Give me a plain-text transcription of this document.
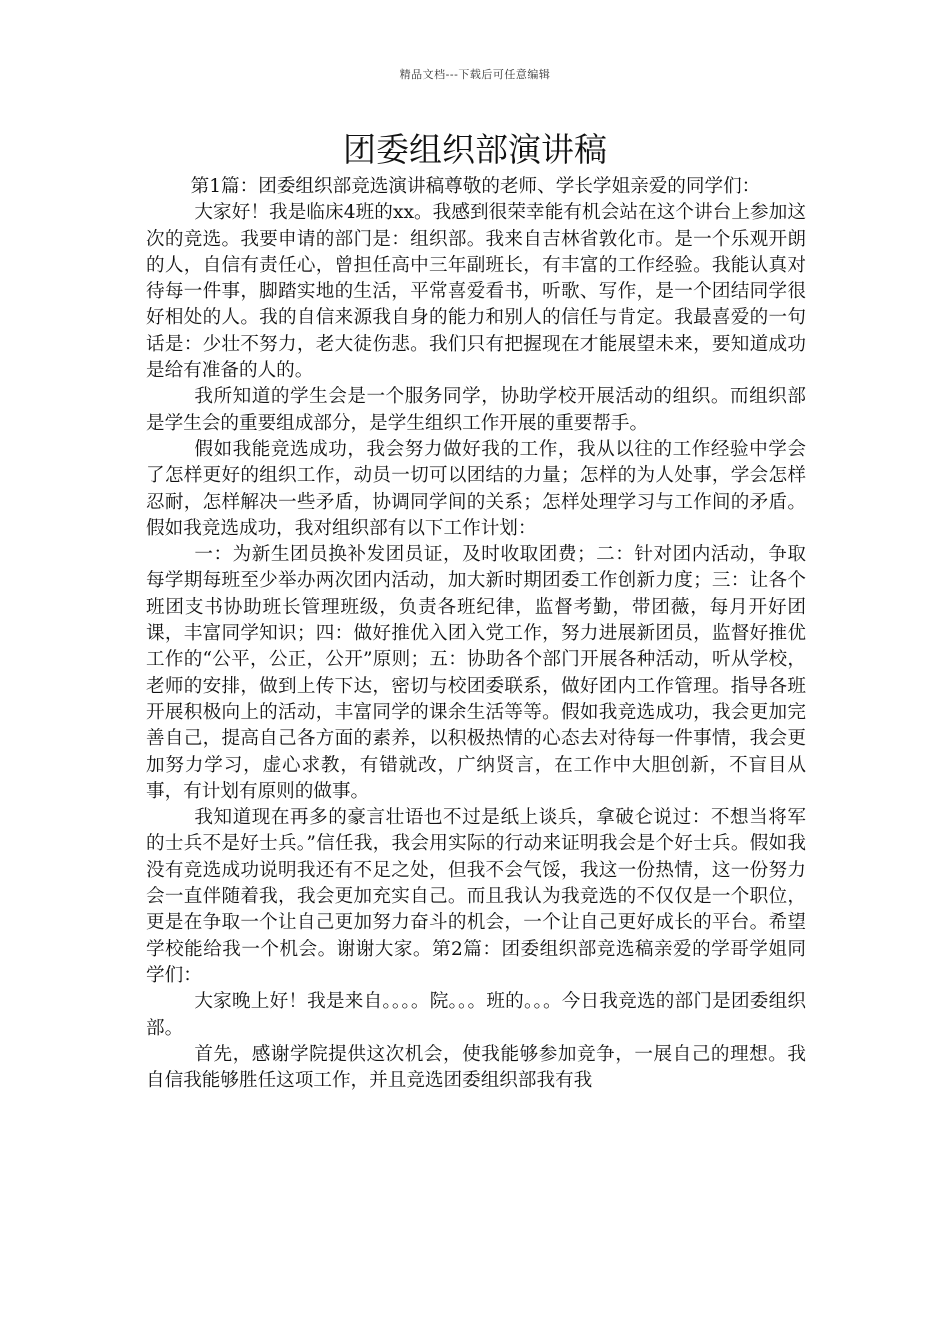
精品文档---下载后可任意编辑
团委组织部演讲稿

第1篇：团委组织部竞选演讲稿尊敬的老师、学长学姐亲爱的同学们：

大家好！我是临床4班的xx。我感到很荣幸能有机会站在这个讲台上参加这次的竞选。我要申请的部门是：组织部。我来自吉林省敦化市。是一个乐观开朗的人，自信有责任心，曾担任高中三年副班长，有丰富的工作经验。我能认真对待每一件事，脚踏实地的生活，平常喜爱看书，听歌、写作，是一个团结同学很好相处的人。我的自信来源我自身的能力和别人的信任与肯定。我最喜爱的一句话是：少壮不努力，老大徒伤悲。我们只有把握现在才能展望未来，要知道成功是给有准备的人的。

我所知道的学生会是一个服务同学，协助学校开展活动的组织。而组织部是学生会的重要组成部分，是学生组织工作开展的重要帮手。

假如我能竞选成功，我会努力做好我的工作，我从以往的工作经验中学会了怎样更好的组织工作，动员一切可以团结的力量；怎样的为人处事，学会怎样忍耐，怎样解决一些矛盾，协调同学间的关系；怎样处理学习与工作间的矛盾。假如我竞选成功，我对组织部有以下工作计划：

一：为新生团员换补发团员证，及时收取团费；二：针对团内活动，争取每学期每班至少举办两次团内活动，加大新时期团委工作创新力度；三：让各个班团支书协助班长管理班级，负责各班纪律，监督考勤，带团薇，每月开好团课，丰富同学知识；四：做好推优入团入党工作，努力进展新团员，监督好推优工作的“公平，公正，公开”原则；五：协助各个部门开展各种活动，听从学校，老师的安排，做到上传下达，密切与校团委联系，做好团内工作管理。指导各班开展积极向上的活动，丰富同学的课余生活等等。假如我竞选成功，我会更加完善自己，提高自己各方面的素养，以积极热情的心态去对待每一件事情，我会更加努力学习，虚心求教，有错就改，广纳贤言，在工作中大胆创新，不盲目从事，有计划有原则的做事。

我知道现在再多的豪言壮语也不过是纸上谈兵，拿破仑说过：不想当将军的士兵不是好士兵。”信任我，我会用实际的行动来证明我会是个好士兵。假如我没有竞选成功说明我还有不足之处，但我不会气馁，我这一份热情，这一份努力会一直伴随着我，我会更加充实自己。而且我认为我竞选的不仅仅是一个职位，更是在争取一个让自己更加努力奋斗的机会，一个让自己更好成长的平台。希望学校能给我一个机会。谢谢大家。第2篇：团委组织部竞选稿亲爱的学哥学姐同学们：

大家晚上好！我是来自。。。。院。。。班的。。。今日我竞选的部门是团委组织部。

首先，感谢学院提供这次机会，使我能够参加竞争，一展自己的理想。我自信我能够胜任这项工作，并且竞选团委组织部我有我
